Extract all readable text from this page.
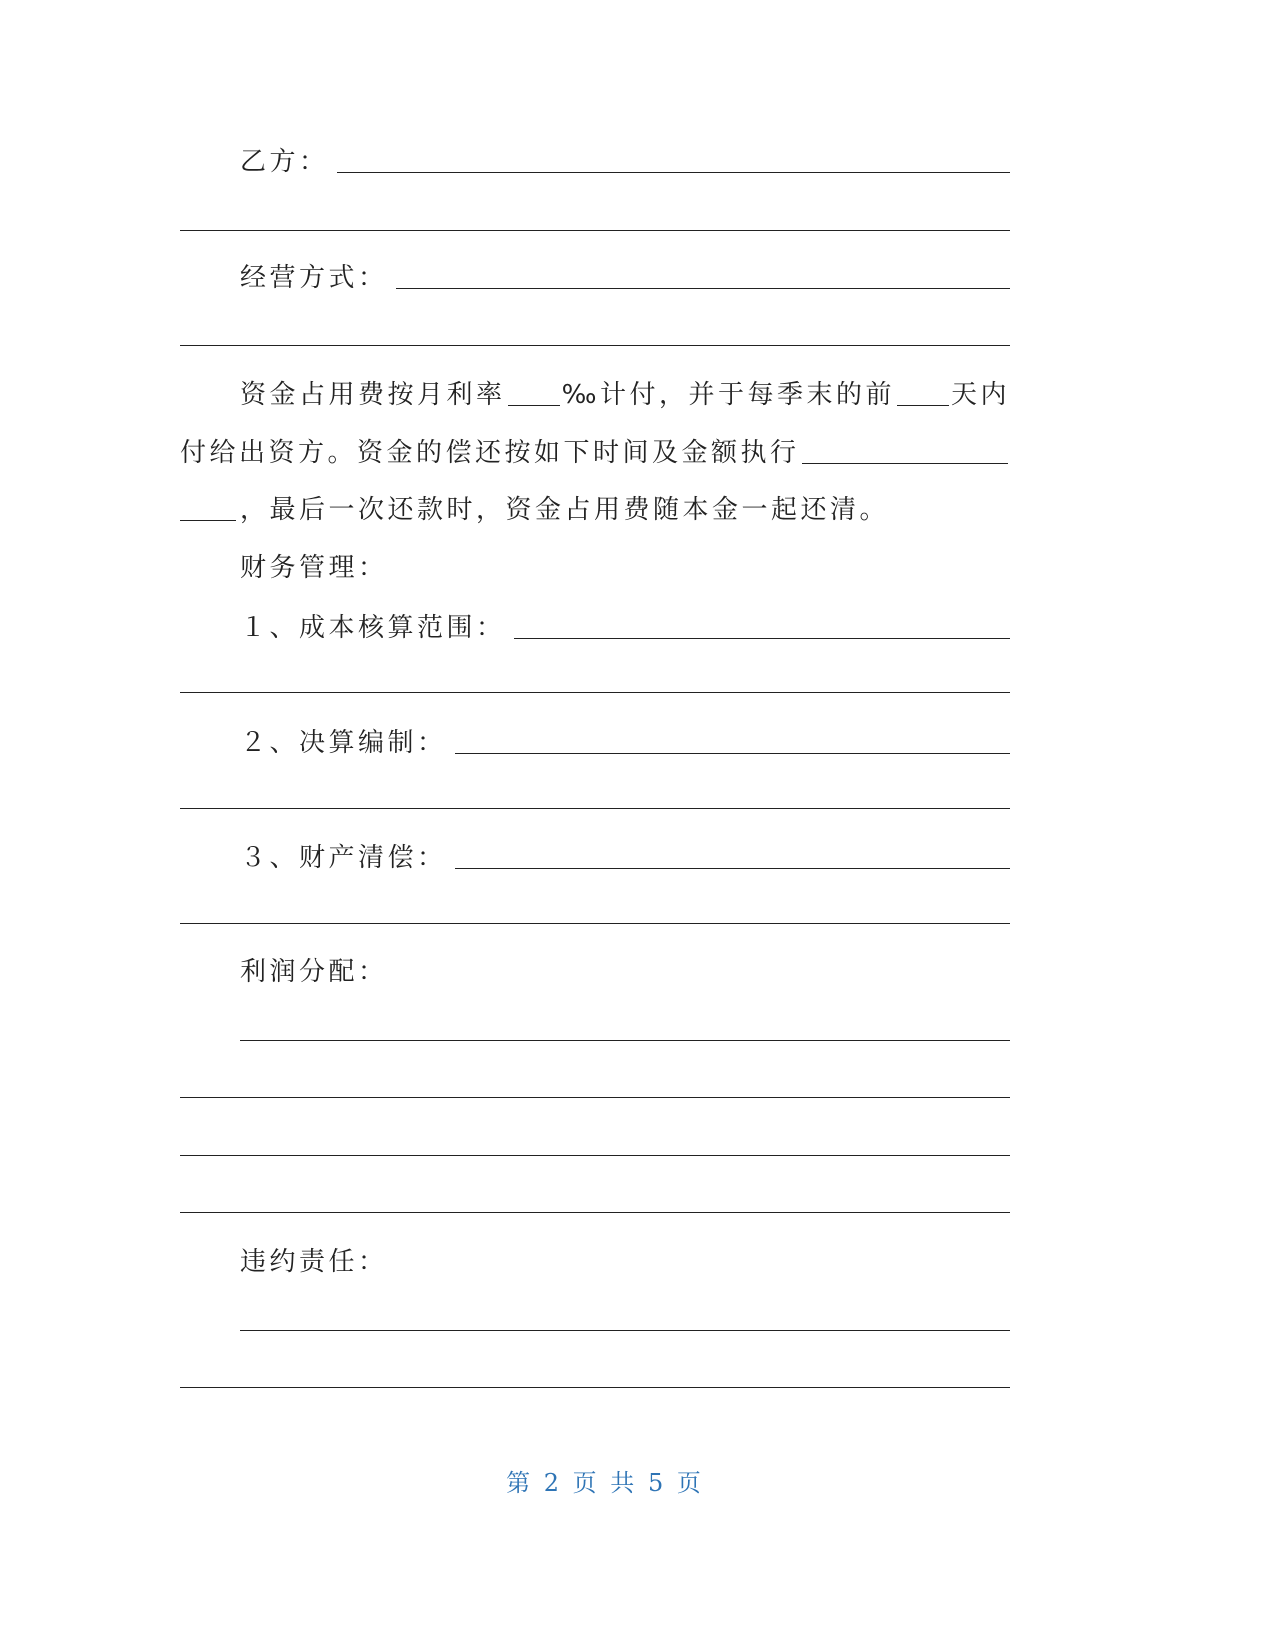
乙方：
经营方式：
资金占用费按月利率 ‰计付，并于每季末的前 天内
付给出资方。资金的偿还按如下时间及金额执行
，最后一次还款时，资金占用费随本金一起还清。
财务管理：
１、成本核算范围：
２、决算编制：
３、财产清偿：
利润分配：
违约责任：
第 2 页 共 5 页
